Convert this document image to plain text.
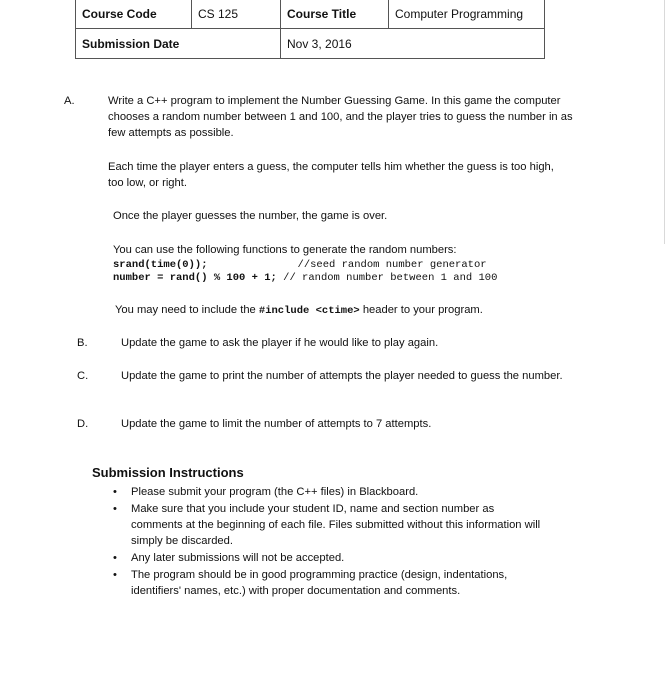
Course Code	CS 125	Course Title	Computer Programming
Submission Date		Nov 3, 2016	
A.	Write a C++ program to implement the Number Guessing Game. In this game the computer chooses a random number between 1 and 100, and the player tries to guess the number in as few attempts as possible.
Each time the player enters a guess, the computer tells him whether the guess is too high, too low, or right.
Once the player guesses the number, the game is over.
You can use the following functions to generate the random numbers:
srand(time(0));	//seed random number generator
number = rand() % 100 + 1; // random number between 1 and 100
You may need to include the #include <ctime> header to your program.
B.	Update the game to ask the player if he would like to play again.
C.	Update the game to print the number of attempts the player needed to guess the number.
D.	Update the game to limit the number of attempts to 7 attempts.
Submission Instructions
• Please submit your program (the C++ files) in Blackboard.
• Make sure that you include your student ID, name and section number as comments at the beginning of each file. Files submitted without this information will simply be discarded.
• Any later submissions will not be accepted.
• The program should be in good programming practice (design, indentations, identifiers' names, etc.) with proper documentation and comments.
